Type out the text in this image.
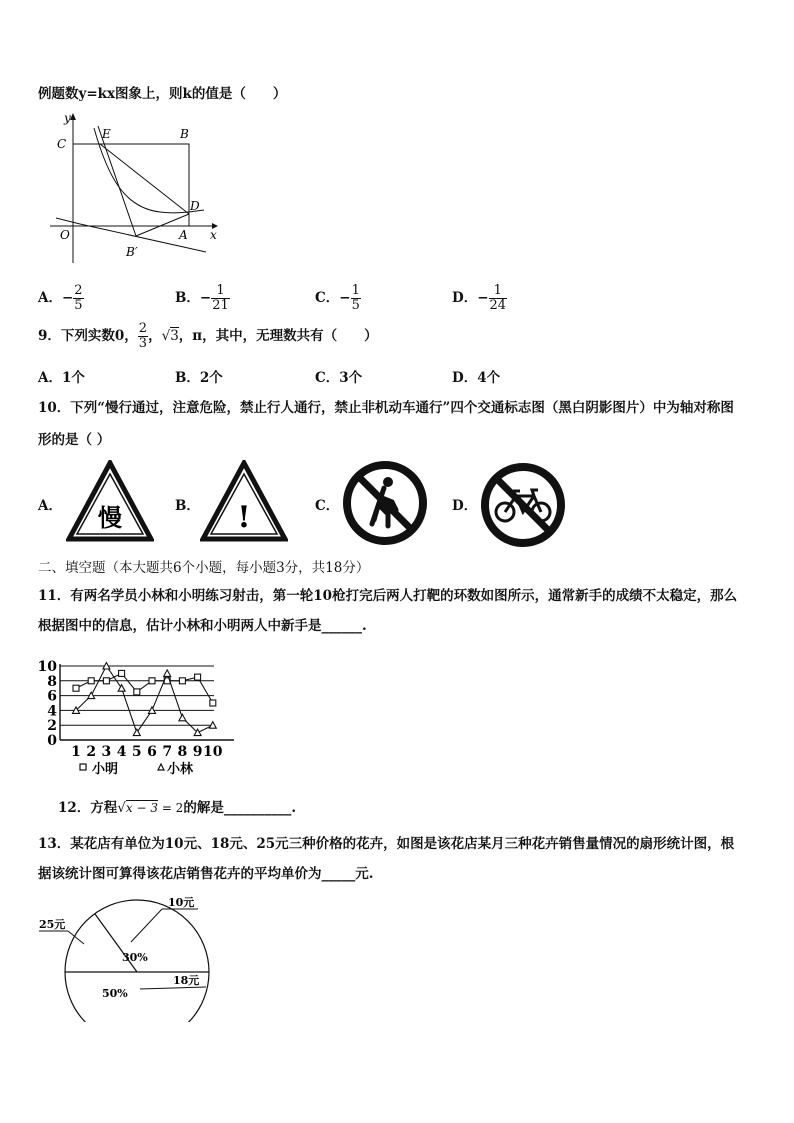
例题数y=kx图象上，则k的值是（　　）
y
x
O
C
E	B
D
A
B′
A．− $\frac{2}{5}$	B．− $\frac{1}{21}$	C．− $\frac{1}{5}$	D．− $\frac{1}{24}$
9．下列实数0， $\frac{2}{3}$ ，√3，π，其中，无理数共有（　　）
A．1个	B．2个	C．3个	D．4个
10．下列“慢行通过，注意危险，禁止行人通行，禁止非机动车通行”四个交通标志图（黑白阴影图片）中为轴对称图
形的是（ ）
A． 慢	B． !	C．	D．
二、填空题（本大题共6个小题，每小题3分，共18分）
11．有两名学员小林和小明练习射击，第一轮10枪打完后两人打靶的环数如图所示，通常新手的成绩不太稳定，那么
根据图中的信息，估计小林和小明两人中新手是______.
0
2
4
6
8
10
1 2 3 4 5 6 7 8 9 10
小明	小林
12．方程√x − 3 = 2的解是__________.
13．某花店有单位为10元、18元、25元三种价格的花卉，如图是该花店某月三种花卉销售量情况的扇形统计图，根
据该统计图可算得该花店销售花卉的平均单价为_____元.
30%
50%
10元
25元
18元
